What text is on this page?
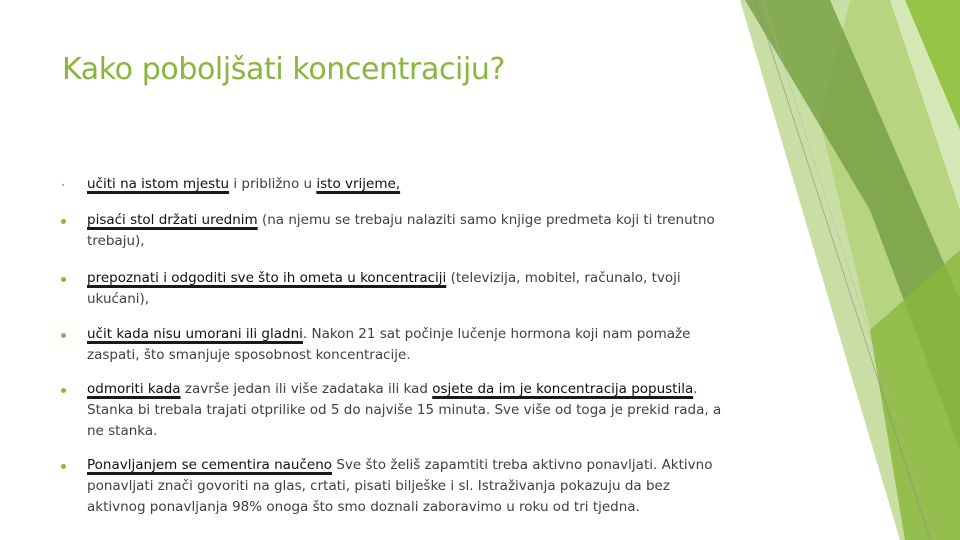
Kako poboljšati koncentraciju?
učiti na istom mjestu i približno u isto vrijeme,
pisaći stol držati urednim (na njemu se trebaju nalaziti samo knjige predmeta koji ti trenutno trebaju),
prepoznati i odgoditi sve što ih ometa u koncentraciji (televizija, mobitel, računalo, tvoji ukućani),
učit kada nisu umorani ili gladni. Nakon 21 sat počinje lučenje hormona koji nam pomaže zaspati, što smanjuje sposobnost koncentracije.
odmoriti kada završe jedan ili više zadataka ili kad osjete da im je koncentracija popustila. Stanka bi trebala trajati otprilike od 5 do najviše 15 minuta. Sve više od toga je prekid rada, a ne stanka.
Ponavljanjem se cementira naučeno Sve što želiš zapamtiti treba aktivno ponavljati. Aktivno ponavljati znači govoriti na glas, crtati, pisati bilješke i sl. Istraživanja pokazuju da bez aktivnog ponavljanja 98% onoga što smo doznali zaboravimo u roku od tri tjedna.
